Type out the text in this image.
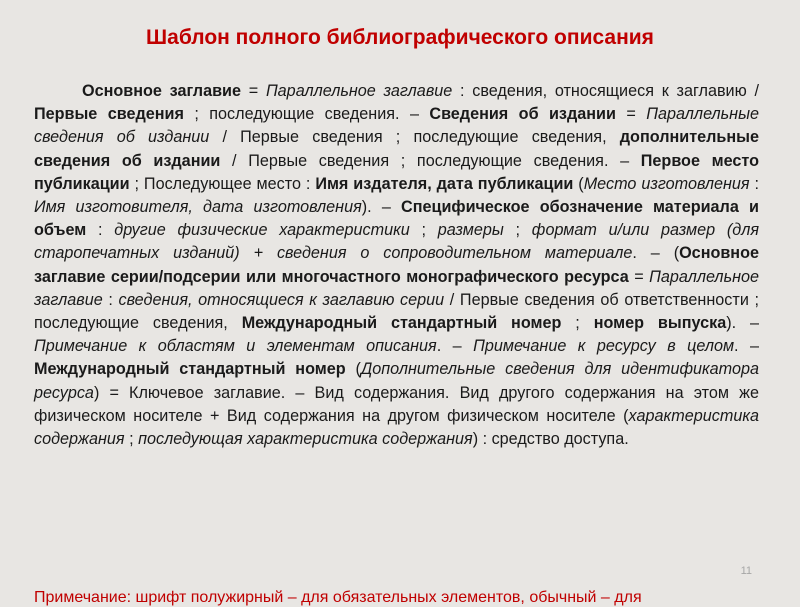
Шаблон полного библиографического описания
Основное заглавие = Параллельное заглавие : сведения, относящиеся к заглавию / Первые сведения ; последующие сведения. – Сведения об издании = Параллельные сведения об издании / Первые сведения ; последующие сведения, дополнительные сведения об издании / Первые сведения ; последующие сведения. – Первое место публикации ; Последующее место : Имя издателя, дата публикации (Место изготовления : Имя изготовителя, дата изготовления). – Специфическое обозначение материала и объем : другие физические характеристики ; размеры ; формат и/или размер (для старопечатных изданий) + сведения о сопроводительном материале. – (Основное заглавие серии/подсерии или многочастного монографического ресурса = Параллельное заглавие : сведения, относящиеся к заглавию серии / Первые сведения об ответственности ; последующие сведения, Международный стандартный номер ; номер выпуска). – Примечание к областям и элементам описания. – Примечание к ресурсу в целом. – Международный стандартный номер (Дополнительные сведения для идентификатора ресурса) = Ключевое заглавие. – Вид содержания. Вид другого содержания на этом же физическом носителе + Вид содержания на другом физическом носителе (характеристика содержания ; последующая характеристика содержания) : средство доступа.
11
Примечание: шрифт полужирный – для обязательных элементов, обычный – для
